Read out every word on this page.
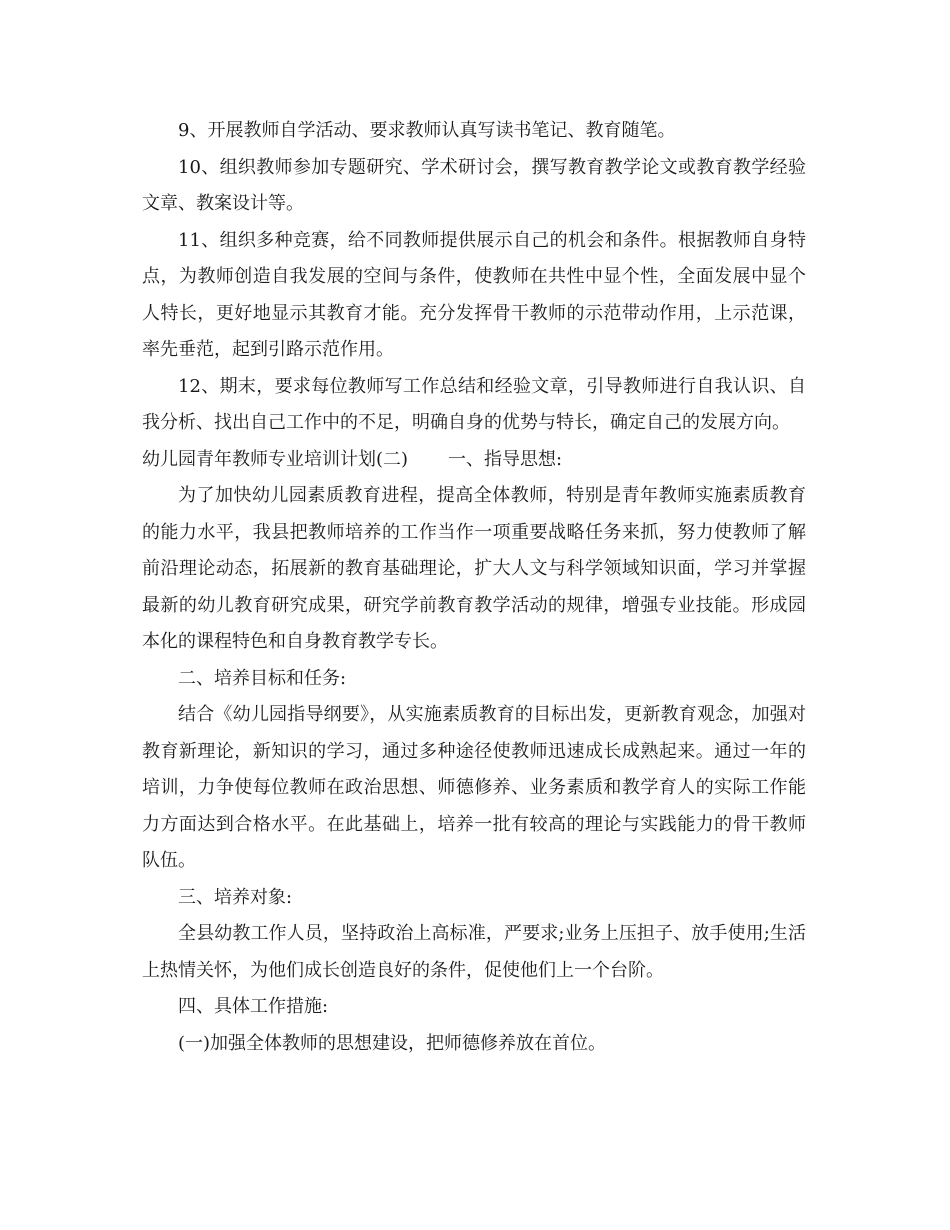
9、开展教师自学活动、要求教师认真写读书笔记、教育随笔。

10、组织教师参加专题研究、学术研讨会，撰写教育教学论文或教育教学经验文章、教案设计等。

11、组织多种竞赛，给不同教师提供展示自己的机会和条件。根据教师自身特点，为教师创造自我发展的空间与条件，使教师在共性中显个性，全面发展中显个人特长，更好地显示其教育才能。充分发挥骨干教师的示范带动作用，上示范课，率先垂范，起到引路示范作用。

12、期末，要求每位教师写工作总结和经验文章，引导教师进行自我认识、自我分析、找出自己工作中的不足，明确自身的优势与特长，确定自己的发展方向。

幼儿园青年教师专业培训计划(二) 一、指导思想:

为了加快幼儿园素质教育进程，提高全体教师，特别是青年教师实施素质教育的能力水平，我县把教师培养的工作当作一项重要战略任务来抓，努力使教师了解前沿理论动态，拓展新的教育基础理论，扩大人文与科学领域知识面，学习并掌握最新的幼儿教育研究成果，研究学前教育教学活动的规律，增强专业技能。形成园本化的课程特色和自身教育教学专长。

二、培养目标和任务:

结合《幼儿园指导纲要》，从实施素质教育的目标出发，更新教育观念，加强对教育新理论，新知识的学习，通过多种途径使教师迅速成长成熟起来。通过一年的培训，力争使每位教师在政治思想、师德修养、业务素质和教学育人的实际工作能力方面达到合格水平。在此基础上，培养一批有较高的理论与实践能力的骨干教师队伍。

三、培养对象:

全县幼教工作人员，坚持政治上高标准，严要求;业务上压担子、放手使用;生活上热情关怀，为他们成长创造良好的条件，促使他们上一个台阶。

四、具体工作措施:

(一)加强全体教师的思想建设，把师德修养放在首位。
